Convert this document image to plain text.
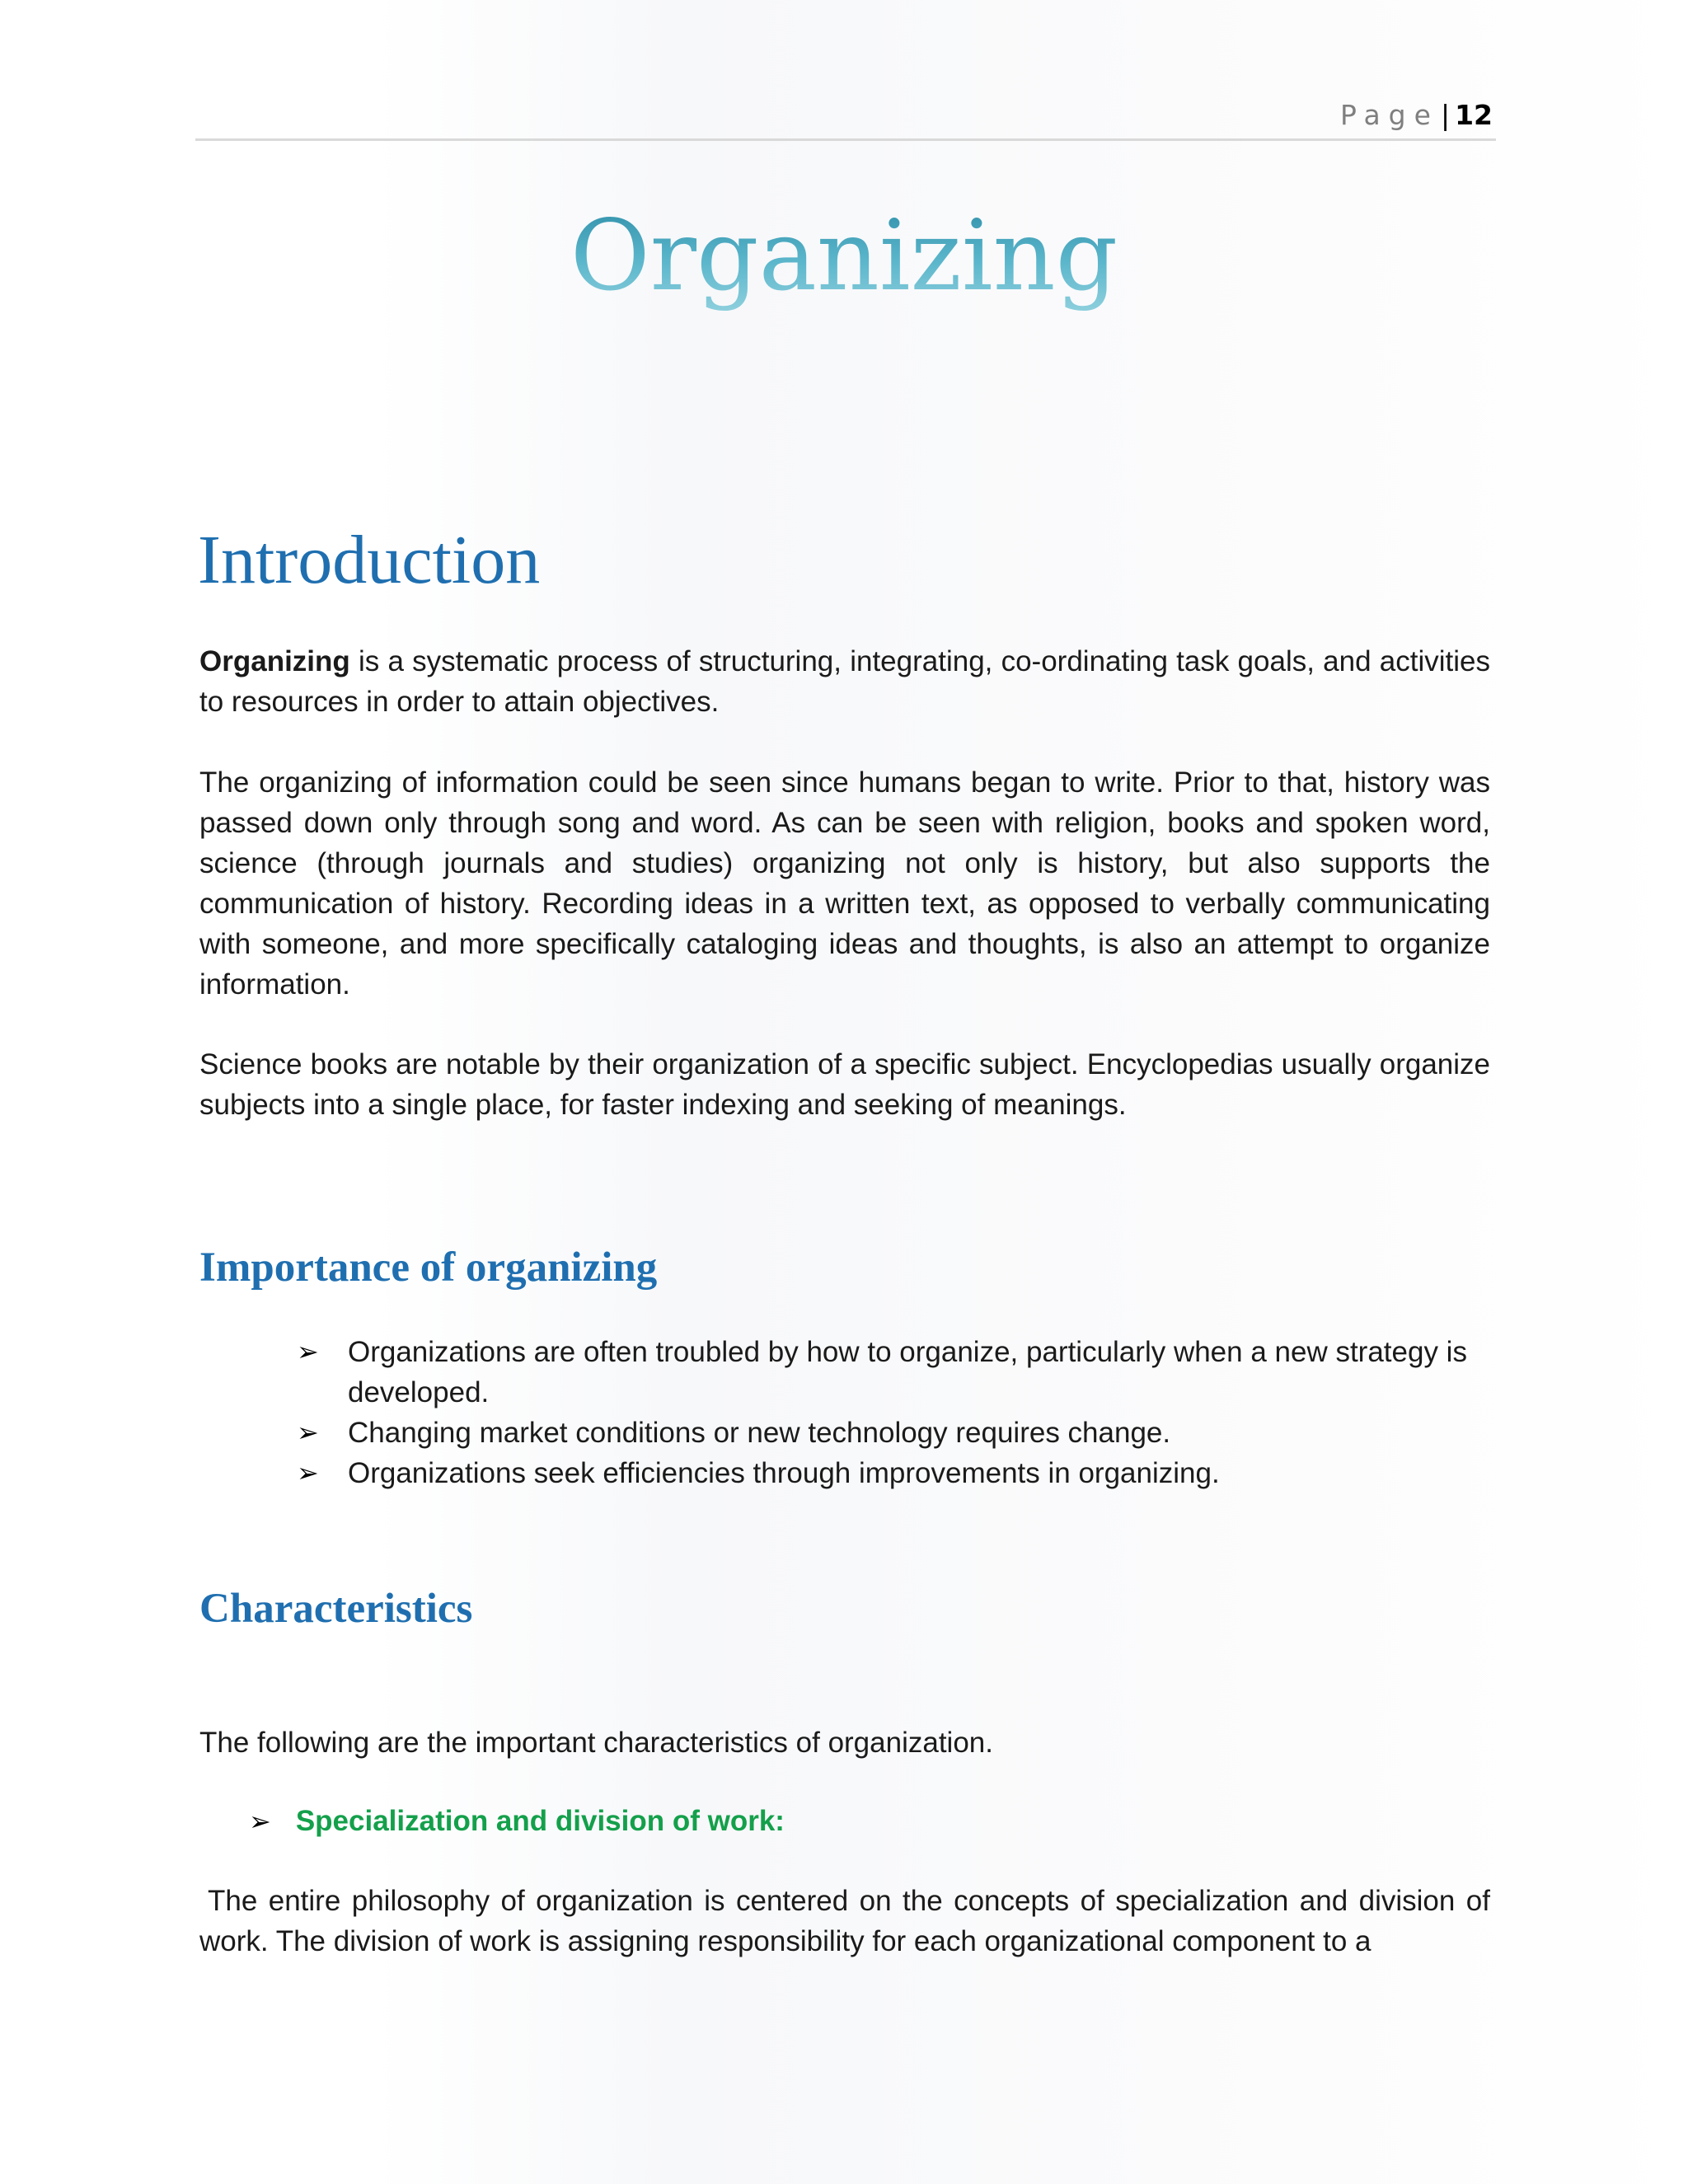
Page| 12
Organizing
Introduction
Organizing is a systematic process of structuring, integrating, co-ordinating task goals, and activities to resources in order to attain objectives.
The organizing of information could be seen since humans began to write. Prior to that, history was passed down only through song and word. As can be seen with religion, books and spoken word, science (through journals and studies) organizing not only is history, but also supports the communication of history. Recording ideas in a written text, as opposed to verbally communicating with someone, and more specifically cataloging ideas and thoughts, is also an attempt to organize information.
Science books are notable by their organization of a specific subject. Encyclopedias usually organize subjects into a single place, for faster indexing and seeking of meanings.
Importance of organizing
➢ Organizations are often troubled by how to organize, particularly when a new strategy is developed.
➢ Changing market conditions or new technology requires change.
➢ Organizations seek efficiencies through improvements in organizing.
Characteristics
The following are the important characteristics of organization.
➢ Specialization and division of work:
The entire philosophy of organization is centered on the concepts of specialization and division of work. The division of work is assigning responsibility for each organizational component to a
